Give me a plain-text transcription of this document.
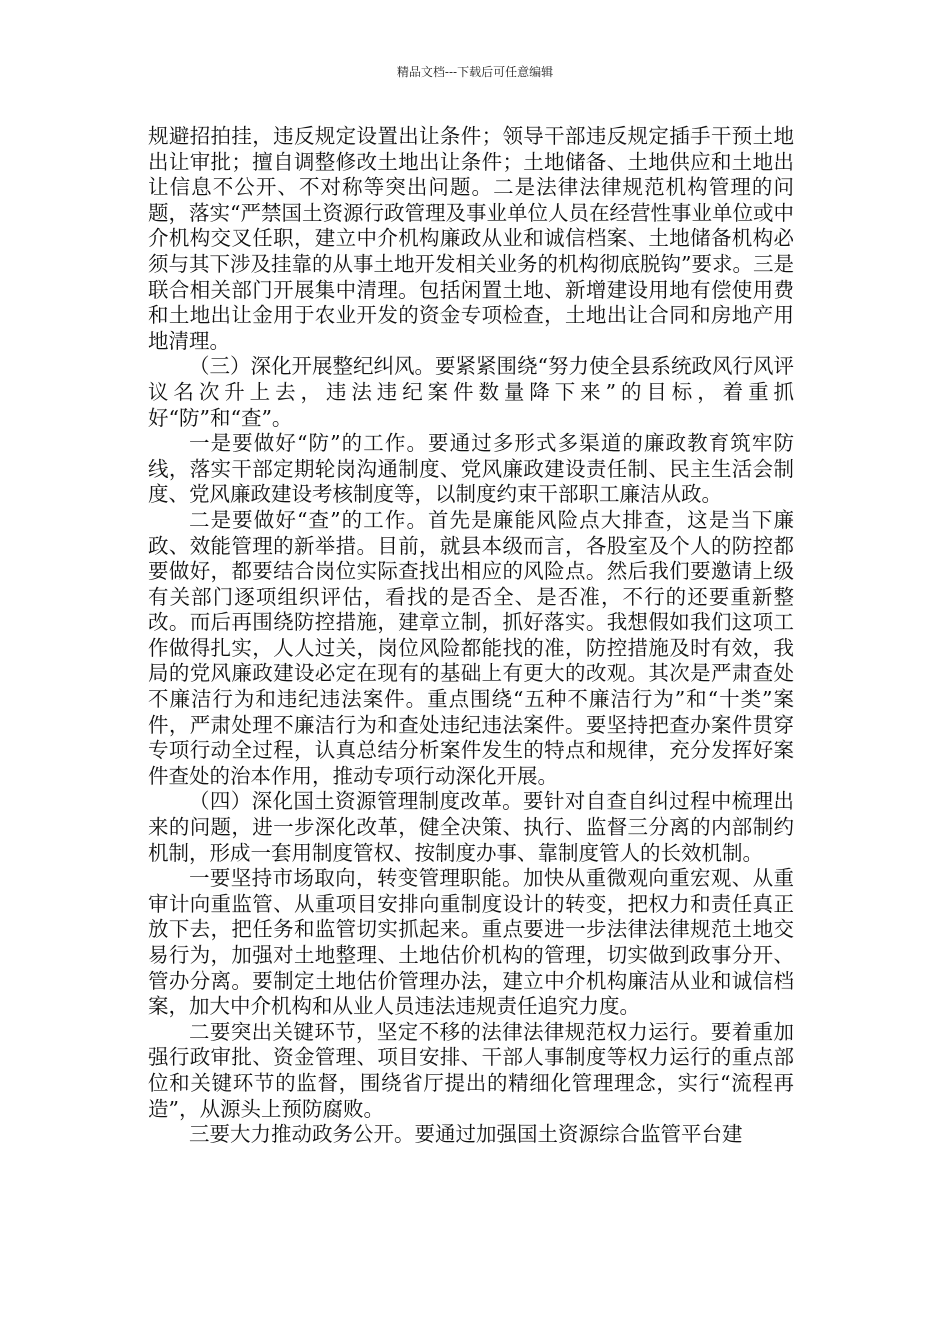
精品文档---下载后可任意编辑

规避招拍挂，违反规定设置出让条件；领导干部违反规定插手干预土地出让审批；擅自调整修改土地出让条件；土地储备、土地供应和土地出让信息不公开、不对称等突出问题。二是法律法律规范机构管理的问题，落实“严禁国土资源行政管理及事业单位人员在经营性事业单位或中介机构交叉任职，建立中介机构廉政从业和诚信档案、土地储备机构必须与其下涉及挂靠的从事土地开发相关业务的机构彻底脱钩”要求。三是联合相关部门开展集中清理。包括闲置土地、新增建设用地有偿使用费和土地出让金用于农业开发的资金专项检查，土地出让合同和房地产用地清理。

（三）深化开展整纪纠风。要紧紧围绕“努力使全县系统政风行风评议名次升上去，违法违纪案件数量降下来”的目标，着重抓好“防”和“查”。

一是要做好“防”的工作。要通过多形式多渠道的廉政教育筑牢防线，落实干部定期轮岗沟通制度、党风廉政建设责任制、民主生活会制度、党风廉政建设考核制度等，以制度约束干部职工廉洁从政。

二是要做好“查”的工作。首先是廉能风险点大排查，这是当下廉政、效能管理的新举措。目前，就县本级而言，各股室及个人的防控都要做好，都要结合岗位实际查找出相应的风险点。然后我们要邀请上级有关部门逐项组织评估，看找的是否全、是否准，不行的还要重新整改。而后再围绕防控措施，建章立制，抓好落实。我想假如我们这项工作做得扎实，人人过关，岗位风险都能找的准，防控措施及时有效，我局的党风廉政建设必定在现有的基础上有更大的改观。其次是严肃查处不廉洁行为和违纪违法案件。重点围绕“五种不廉洁行为”和“十类”案件，严肃处理不廉洁行为和查处违纪违法案件。要坚持把查办案件贯穿专项行动全过程，认真总结分析案件发生的特点和规律，充分发挥好案件查处的治本作用，推动专项行动深化开展。

（四）深化国土资源管理制度改革。要针对自查自纠过程中梳理出来的问题，进一步深化改革，健全决策、执行、监督三分离的内部制约机制，形成一套用制度管权、按制度办事、靠制度管人的长效机制。

一要坚持市场取向，转变管理职能。加快从重微观向重宏观、从重审计向重监管、从重项目安排向重制度设计的转变，把权力和责任真正放下去，把任务和监管切实抓起来。重点要进一步法律法律规范土地交易行为，加强对土地整理、土地估价机构的管理，切实做到政事分开、管办分离。要制定土地估价管理办法，建立中介机构廉洁从业和诚信档案，加大中介机构和从业人员违法违规责任追究力度。

二要突出关键环节，坚定不移的法律法律规范权力运行。要着重加强行政审批、资金管理、项目安排、干部人事制度等权力运行的重点部位和关键环节的监督，围绕省厅提出的精细化管理理念，实行“流程再造”，从源头上预防腐败。

三要大力推动政务公开。要通过加强国土资源综合监管平台建
